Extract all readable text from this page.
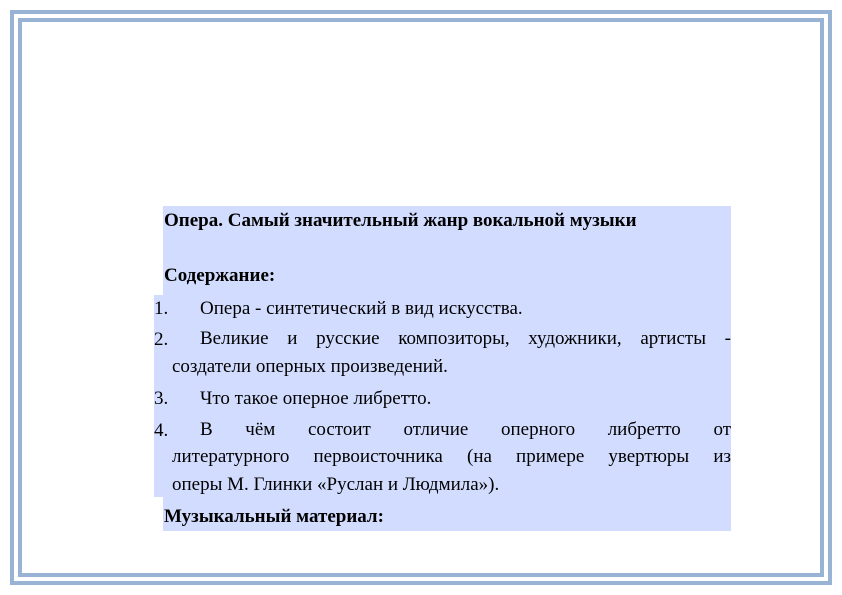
Опера. Самый значительный жанр вокальной музыки
Содержание:
1. Опера - синтетический в вид искусства.
2. Великие и русские композиторы, художники, артисты -
создатели оперных произведений.
3. Что такое оперное либретто.
4. В чём состоит отличие оперного либретто от
литературного первоисточника (на примере увертюры из
оперы М. Глинки «Руслан и Людмила»).
Музыкальный материал:
